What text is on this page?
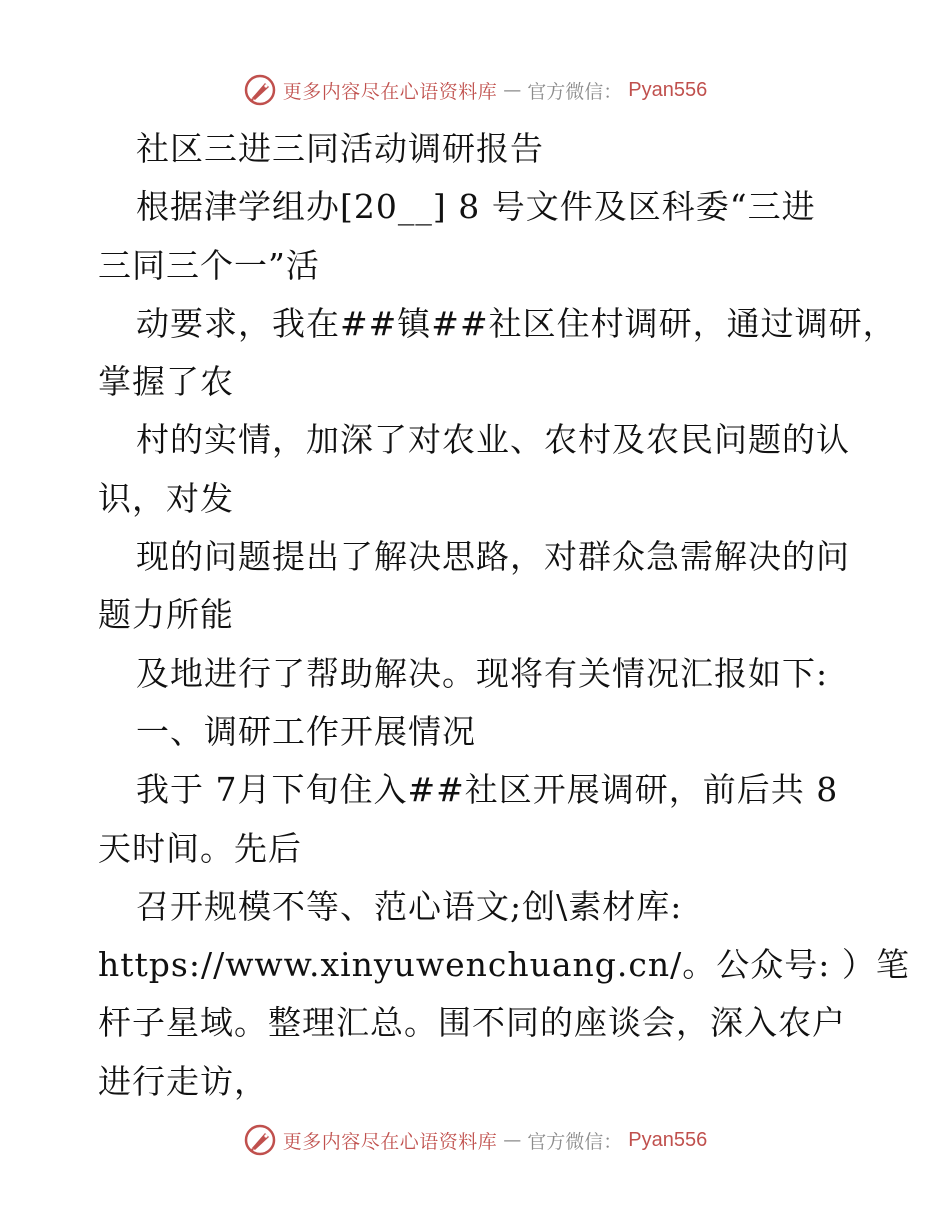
更多内容尽在心语资料库 — 官方微信： Pyan556
社区三进三同活动调研报告
根据津学组办[20__] 8 号文件及区科委“三进
三同三个一”活
动要求，我在##镇##社区住村调研，通过调研，
掌握了农
村的实情，加深了对农业、农村及农民问题的认
识，对发
现的问题提出了解决思路，对群众急需解决的问
题力所能
及地进行了帮助解决。现将有关情况汇报如下:
一、调研工作开展情况
我于 7月下旬住入##社区开展调研，前后共 8
天时间。先后
召开规模不等、范心语文;创\素材库:
https://www.xinyuwenchuang.cn/。公众号: ）笔
杆子星域。整理汇总。围不同的座谈会，深入农户
进行走访，
更多内容尽在心语资料库 — 官方微信： Pyan556
